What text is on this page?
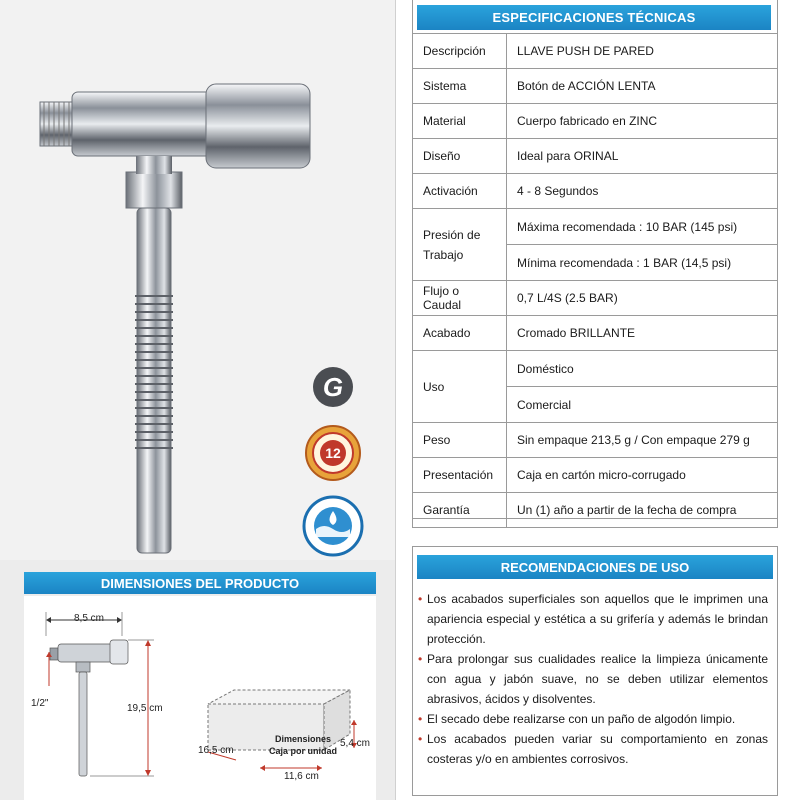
G
12
ESPECIFICACIONES TÉCNICAS
Descripción	LLAVE PUSH DE PARED
Sistema	Botón de ACCIÓN LENTA
Material	Cuerpo fabricado en ZINC
Diseño	Ideal para ORINAL
Activación	4 - 8 Segundos
Presión de Trabajo	Máxima recomendada : 10 BAR (145 psi)
	Mínima recomendada : 1 BAR (14,5 psi)
Flujo o Caudal	0,7 L/4S (2.5 BAR)
Acabado	Cromado BRILLANTE
Uso	Doméstico
	Comercial
Peso	Sin empaque 213,5 g / Con empaque 279 g
Presentación	Caja en cartón micro-corrugado
Garantía	Un (1) año a partir de la fecha de compra
RECOMENDACIONES DE USO
• Los acabados superficiales son aquellos que le imprimen una apariencia especial y estética a su grifería y además le brindan protección.
• Para prolongar sus cualidades realice la limpieza únicamente con agua y jabón suave, no se deben utilizar elementos abrasivos, ácidos y disolventes.
• El secado debe realizarse con un paño de algodón limpio.
• Los acabados pueden variar su comportamiento en zonas costeras y/o en ambientes corrosivos.
DIMENSIONES DEL PRODUCTO
8,5 cm
1/2"	19,5 cm
Dimensiones
Caja por unidad
16,5 cm
5,4 cm
11,6 cm
